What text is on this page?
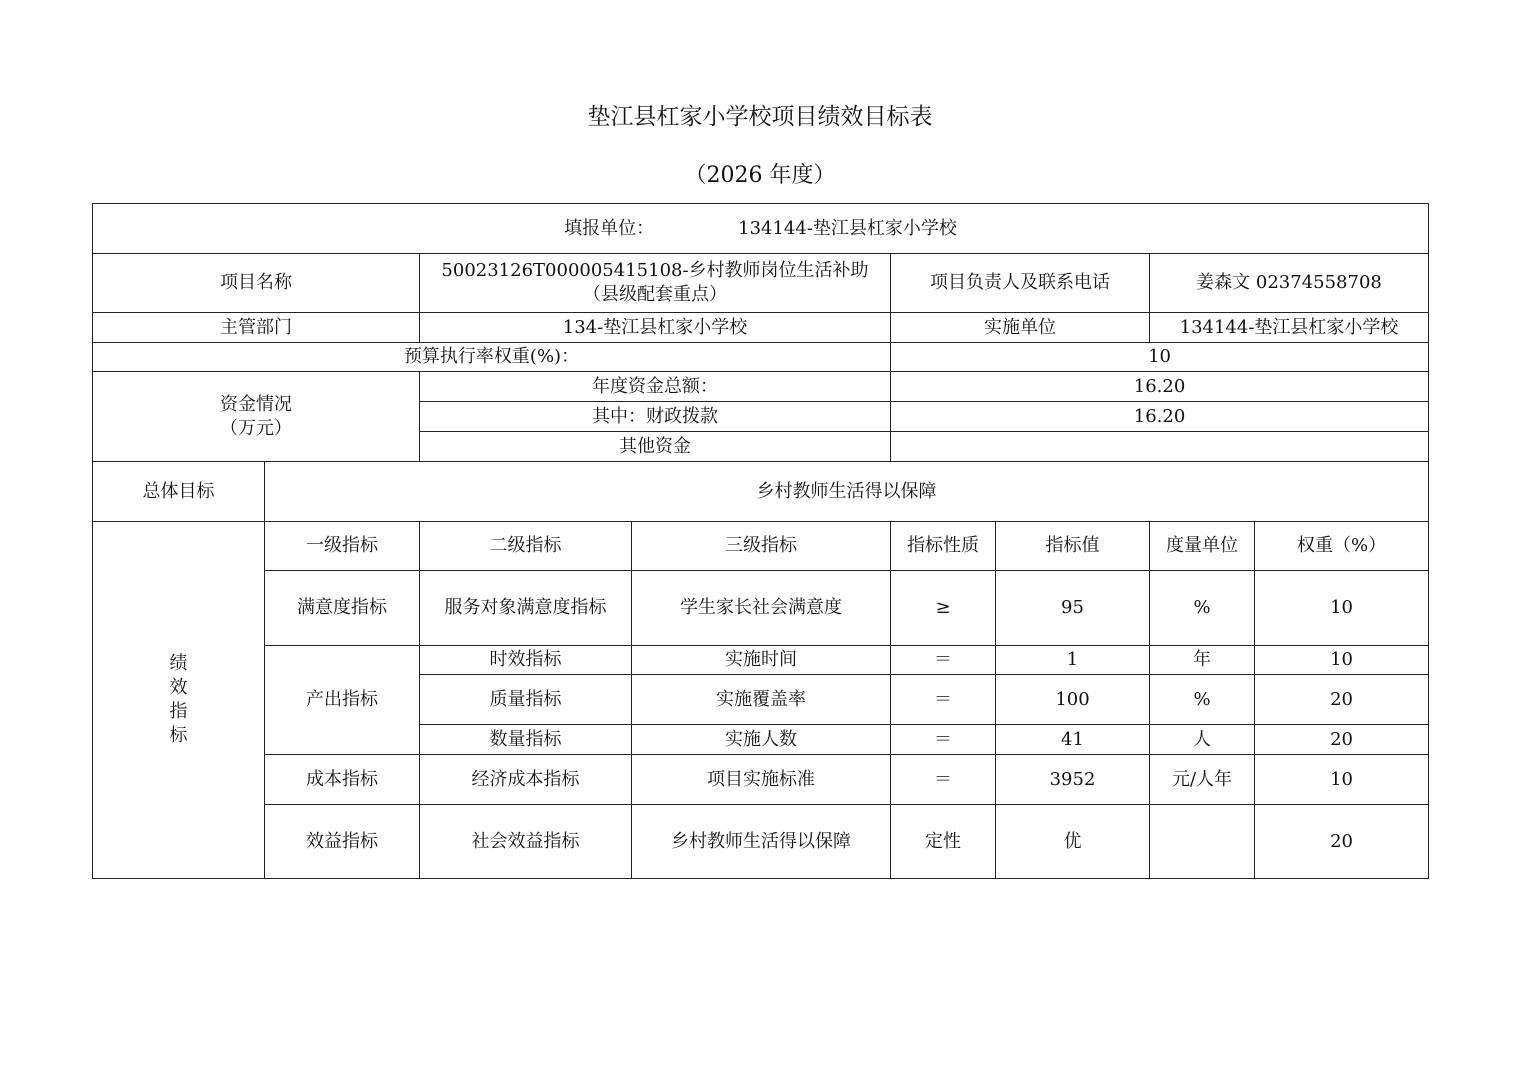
垫江县杠家小学校项目绩效目标表
（2026 年度）
填报单位： 134144-垫江县杠家小学校							
项目名称		50023126T000005415108-乡村教师岗位生活补助（县级配套重点）		项目负责人及联系电话		姜森文 02374558708	
主管部门		134-垫江县杠家小学校		实施单位		134144-垫江县杠家小学校	
预算执行率权重(%)：				10			

资金情况
（万元）		年度资金总额：		16.20			
		其中：财政拨款		16.20			
		其他资金					
总体目标	乡村教师生活得以保障						

绩
效
指
标	一级指标	二级指标	三级指标	指标性质	指标值	度量单位	权重（%）
	满意度指标	服务对象满意度指标	学生家长社会满意度	≥	95	%	10
	产出指标	时效指标	实施时间	＝	1	年	10
		质量指标	实施覆盖率	＝	100	%	20
		数量指标	实施人数	＝	41	人	20
	成本指标	经济成本指标	项目实施标准	＝	3952	元/人年	10
	效益指标	社会效益指标	乡村教师生活得以保障	定性	优		20
